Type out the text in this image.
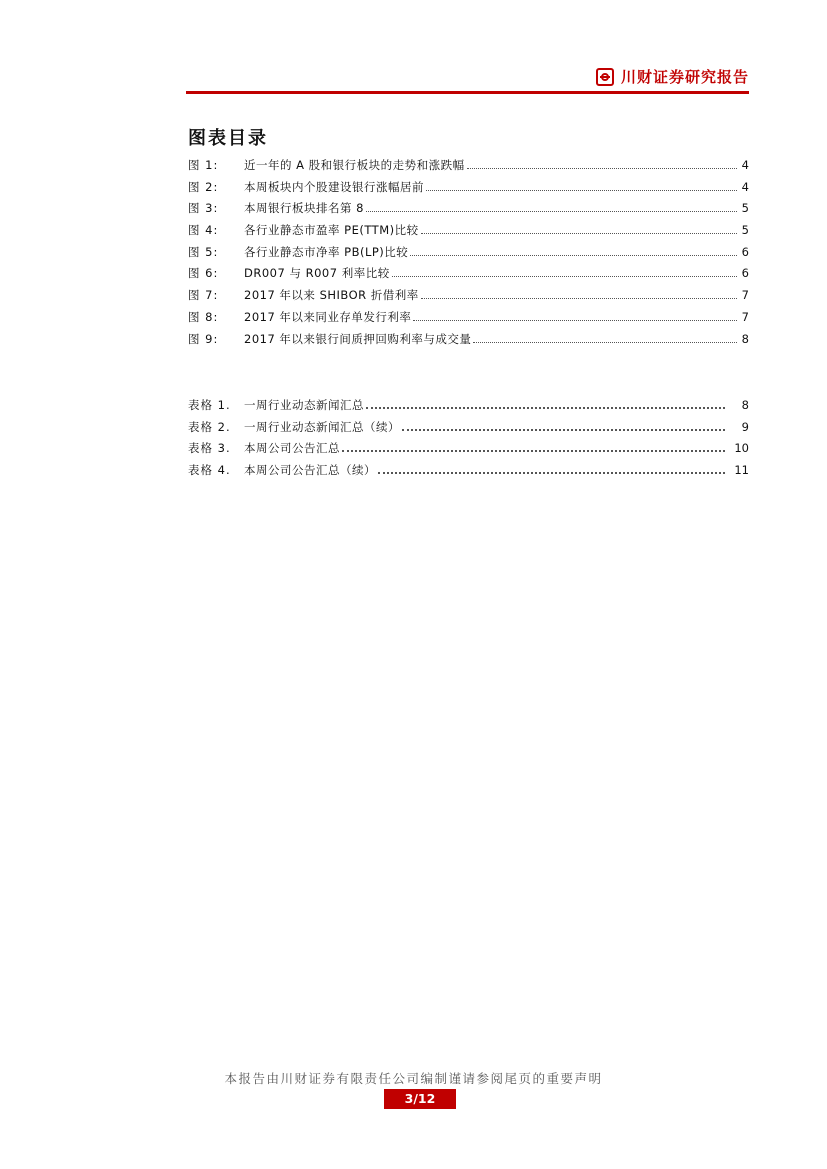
川财证券研究报告
图表目录
图 1:	近一年的 A 股和银行板块的走势和涨跌幅	4
图 2:	本周板块内个股建设银行涨幅居前	4
图 3:	本周银行板块排名第 8	5
图 4:	各行业静态市盈率 PE(TTM)比较	5
图 5:	各行业静态市净率 PB(LP)比较	6
图 6:	DR007 与 R007 利率比较	6
图 7:	2017 年以来 SHIBOR 折借利率	7
图 8:	2017 年以来同业存单发行利率	7
图 9:	2017 年以来银行间质押回购利率与成交量	8
表格 1.	一周行业动态新闻汇总	8
表格 2.	一周行业动态新闻汇总（续）	9
表格 3.	本周公司公告汇总	10
表格 4.	本周公司公告汇总（续）	11
本报告由川财证券有限责任公司编制谨请参阅尾页的重要声明
3/12
